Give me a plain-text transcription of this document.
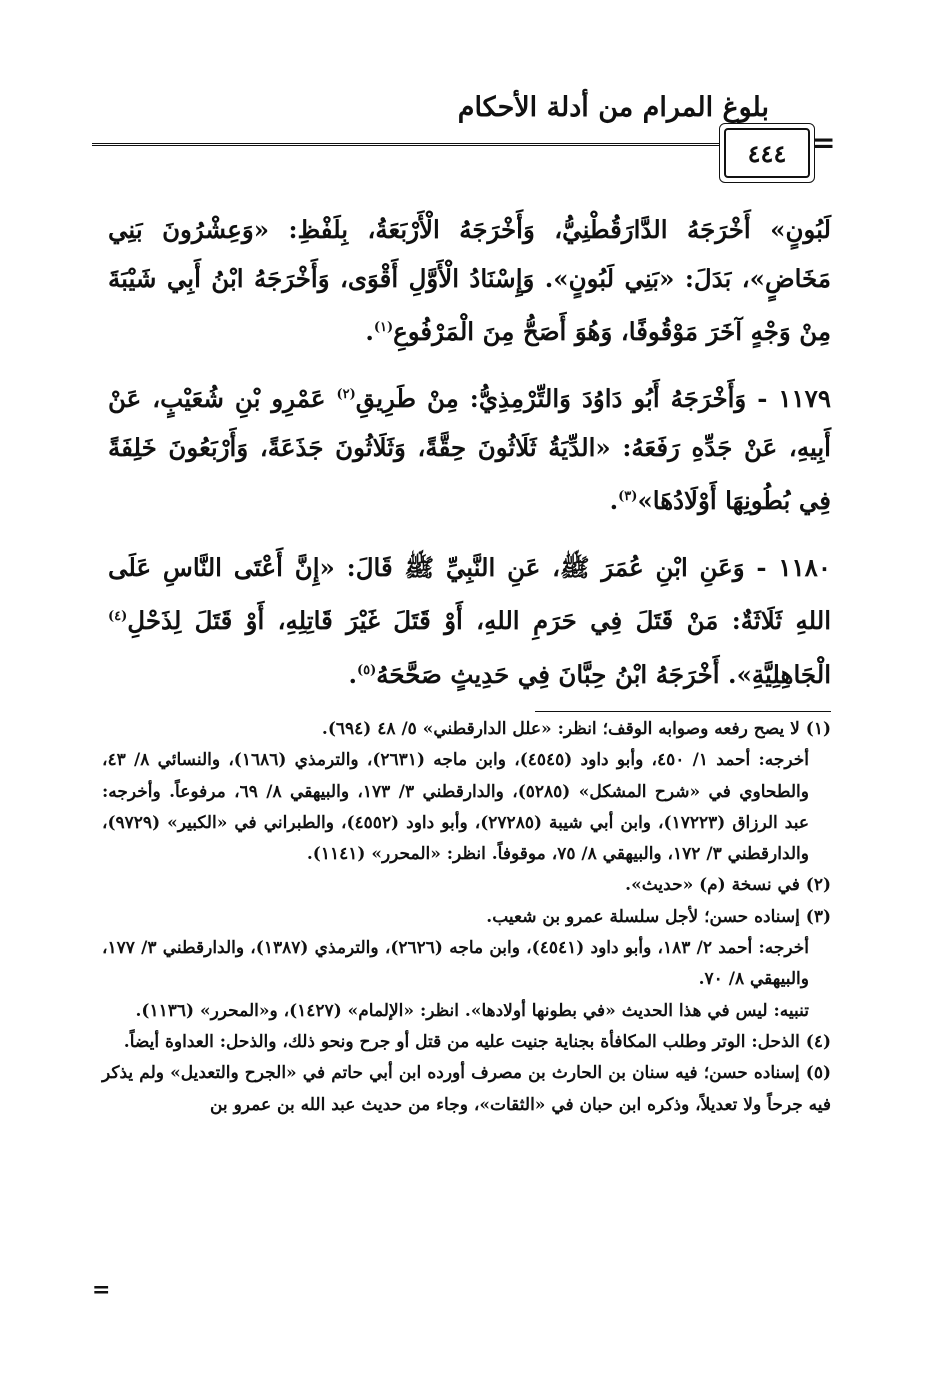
بلوغ المرام من أدلة الأحكام
=
٤٤٤

لَبُونٍ» أَخْرَجَهُ الدَّارَقُطْنِيُّ، وَأَخْرَجَهُ الْأَرْبَعَةُ، بِلَفْظِ: «وَعِشْرُونَ بَنِي مَخَاضٍ»، بَدَلَ: «بَنِي لَبُونٍ». وَإِسْنَادُ الْأَوَّلِ أَقْوَى، وَأَخْرَجَهُ ابْنُ أَبِي شَيْبَةَ مِنْ وَجْهٍ آخَرَ مَوْقُوفًا، وَهُوَ أَصَحُّ مِنَ الْمَرْفُوعِ$^{(١)}$.

١١٧٩ - وَأَخْرَجَهُ أَبُو دَاوُدَ وَالتِّرْمِذِيُّ: مِنْ طَرِيقِ$^{(٢)}$ عَمْرِو بْنِ شُعَيْبٍ، عَنْ أَبِيهِ، عَنْ جَدِّهِ رَفَعَهُ: «الدِّيَةُ ثَلَاثُونَ حِقَّةً، وَثَلَاثُونَ جَذَعَةً، وَأَرْبَعُونَ خَلِفَةً فِي بُطُونِهَا أَوْلَادُهَا»$^{(٣)}$.

١١٨٠ - وَعَنِ ابْنِ عُمَرَ ﷺ، عَنِ النَّبِيِّ ﷺ قَالَ: «إِنَّ أَعْتَى النَّاسِ عَلَى اللهِ ثَلَاثَةٌ: مَنْ قَتَلَ فِي حَرَمِ اللهِ، أَوْ قَتَلَ غَيْرَ قَاتِلِهِ، أَوْ قَتَلَ لِذَحْلِ$^{(٤)}$ الْجَاهِلِيَّةِ». أَخْرَجَهُ ابْنُ حِبَّانَ فِي حَدِيثٍ صَحَّحَهُ$^{(٥)}$.

(١) لا يصح رفعه وصوابه الوقف؛ انظر: «علل الدارقطني» ٥/ ٤٨ (٦٩٤).

أخرجه: أحمد ١/ ٤٥٠، وأبو داود (٤٥٤٥)، وابن ماجه (٢٦٣١)، والترمذي (١٦٨٦)، والنسائي ٨/ ٤٣، والطحاوي في «شرح المشكل» (٥٢٨٥)، والدارقطني ٣/ ١٧٣، والبيهقي ٨/ ٦٩، مرفوعاً. وأخرجه: عبد الرزاق (١٧٢٢٣)، وابن أبي شيبة (٢٧٢٨٥)، وأبو داود (٤٥٥٢)، والطبراني في «الكبير» (٩٧٢٩)، والدارقطني ٣/ ١٧٢، والبيهقي ٨/ ٧٥، موقوفاً. انظر: «المحرر» (١١٤١).

(٢) في نسخة (م) «حديث».

(٣) إسناده حسن؛ لأجل سلسلة عمرو بن شعيب.

أخرجه: أحمد ٢/ ١٨٣، وأبو داود (٤٥٤١)، وابن ماجه (٢٦٢٦)، والترمذي (١٣٨٧)، والدارقطني ٣/ ١٧٧، والبيهقي ٨/ ٧٠.

تنبيه: ليس في هذا الحديث «في بطونها أولادها». انظر: «الإلمام» (١٤٢٧)، و«المحرر» (١١٣٦).

(٤) الذحل: الوتر وطلب المكافأة بجناية جنيت عليه من قتل أو جرح ونحو ذلك، والذحل: العداوة أيضاً.

(٥) إسناده حسن؛ فيه سنان بن الحارث بن مصرف أورده ابن أبي حاتم في «الجرح والتعديل» ولم يذكر فيه جرحاً ولا تعديلاً، وذكره ابن حبان في «الثقات»، وجاء من حديث عبد الله بن عمرو بن

=
